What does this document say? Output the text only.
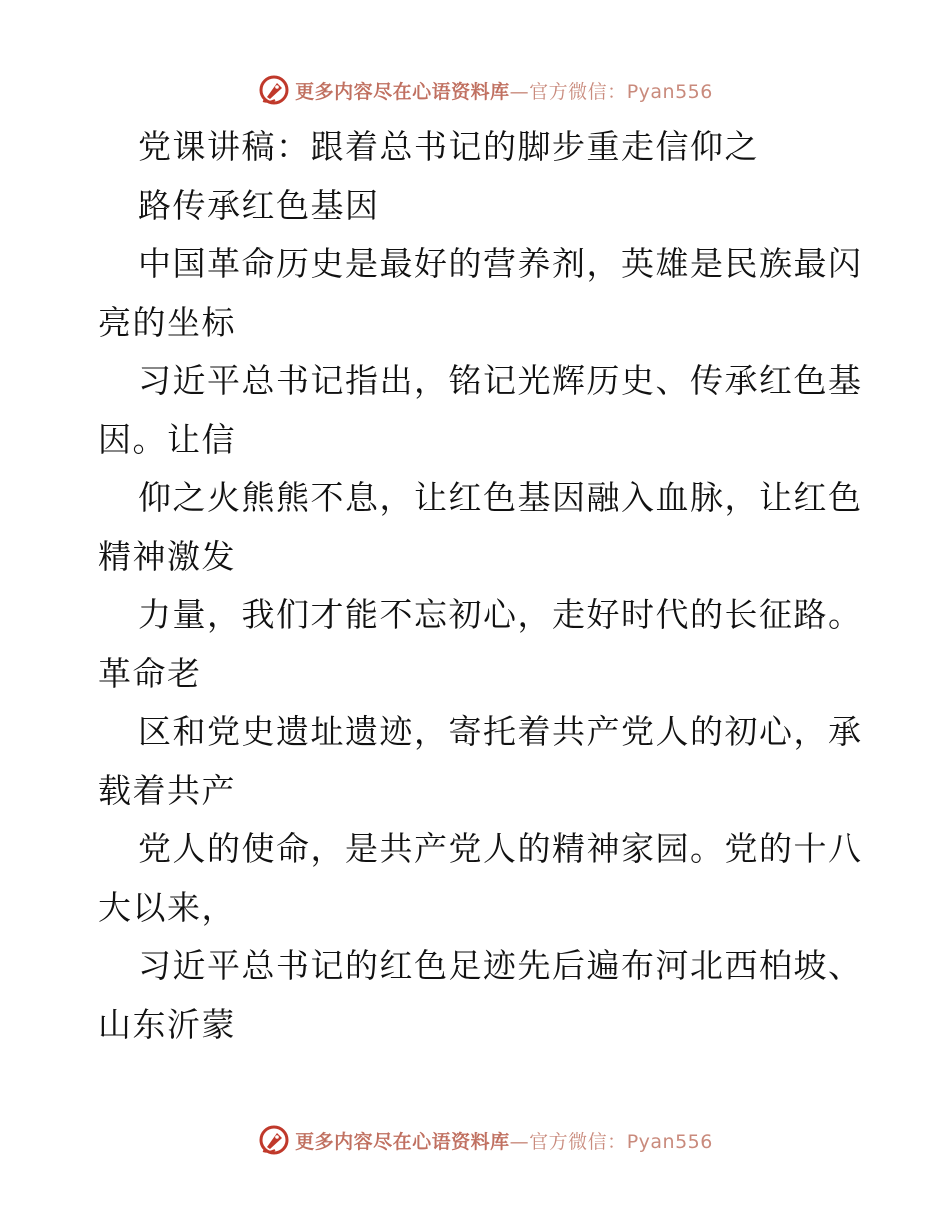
更多内容尽在心语资料库—官方微信：Pyan556
党课讲稿：跟着总书记的脚步重走信仰之
路传承红色基因
中国革命历史是最好的营养剂，英雄是民族最闪
亮的坐标
习近平总书记指出，铭记光辉历史、传承红色基
因。让信
仰之火熊熊不息，让红色基因融入血脉，让红色
精神激发
力量，我们才能不忘初心，走好时代的长征路。
革命老
区和党史遗址遗迹，寄托着共产党人的初心，承
载着共产
党人的使命，是共产党人的精神家园。党的十八
大以来，
习近平总书记的红色足迹先后遍布河北西柏坡、
山东沂蒙
更多内容尽在心语资料库—官方微信：Pyan556
